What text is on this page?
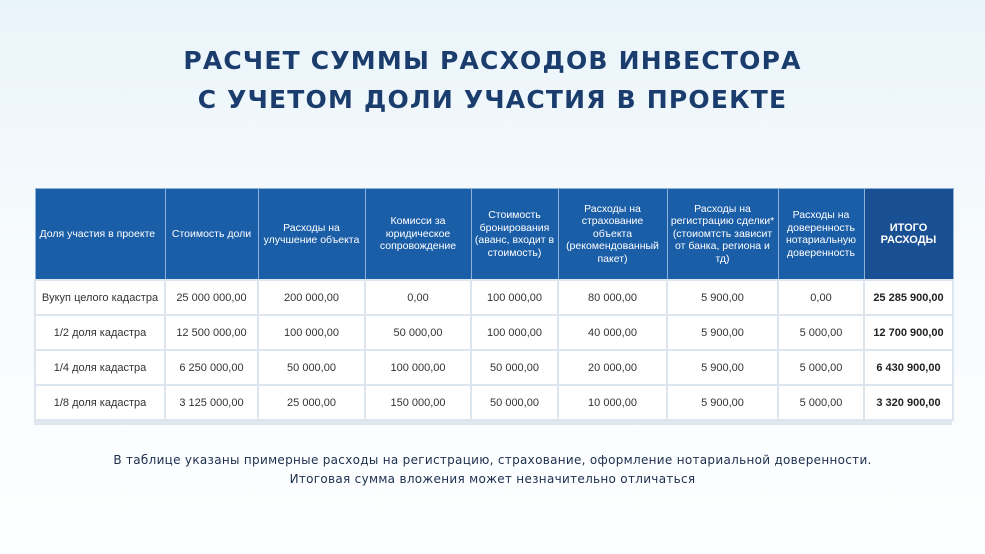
РАСЧЕТ СУММЫ РАСХОДОВ ИНВЕСТОРА
С УЧЕТОМ ДОЛИ УЧАСТИЯ В ПРОЕКТЕ
Доля участия в проекте	Стоимость доли	Расходы на улучшение объекта	Комисси за юридическое сопровождение	Стоимость бронирования (аванс, входит в стоимость)	Расходы на страхование объекта (рекомендованный пакет)	Расходы на регистрацию сделки* (стоиомтсть зависит от банка, региона и тд)	Расходы на доверенность нотариальную доверенность	ИТОГО РАСХОДЫ
Вукуп целого кадастра	25 000 000,00	200 000,00	0,00	100 000,00	80 000,00	5 900,00	0,00	25 285 900,00
1/2 доля кадастра	12 500 000,00	100 000,00	50 000,00	100 000,00	40 000,00	5 900,00	5 000,00	12 700 900,00
1/4 доля кадастра	6 250 000,00	50 000,00	100 000,00	50 000,00	20 000,00	5 900,00	5 000,00	6 430 900,00
1/8 доля кадастра	3 125 000,00	25 000,00	150 000,00	50 000,00	10 000,00	5 900,00	5 000,00	3 320 900,00
В таблице указаны примерные расходы на регистрацию, страхование, оформление нотариальной доверенности.
Итоговая сумма вложения может незначительно отличаться
